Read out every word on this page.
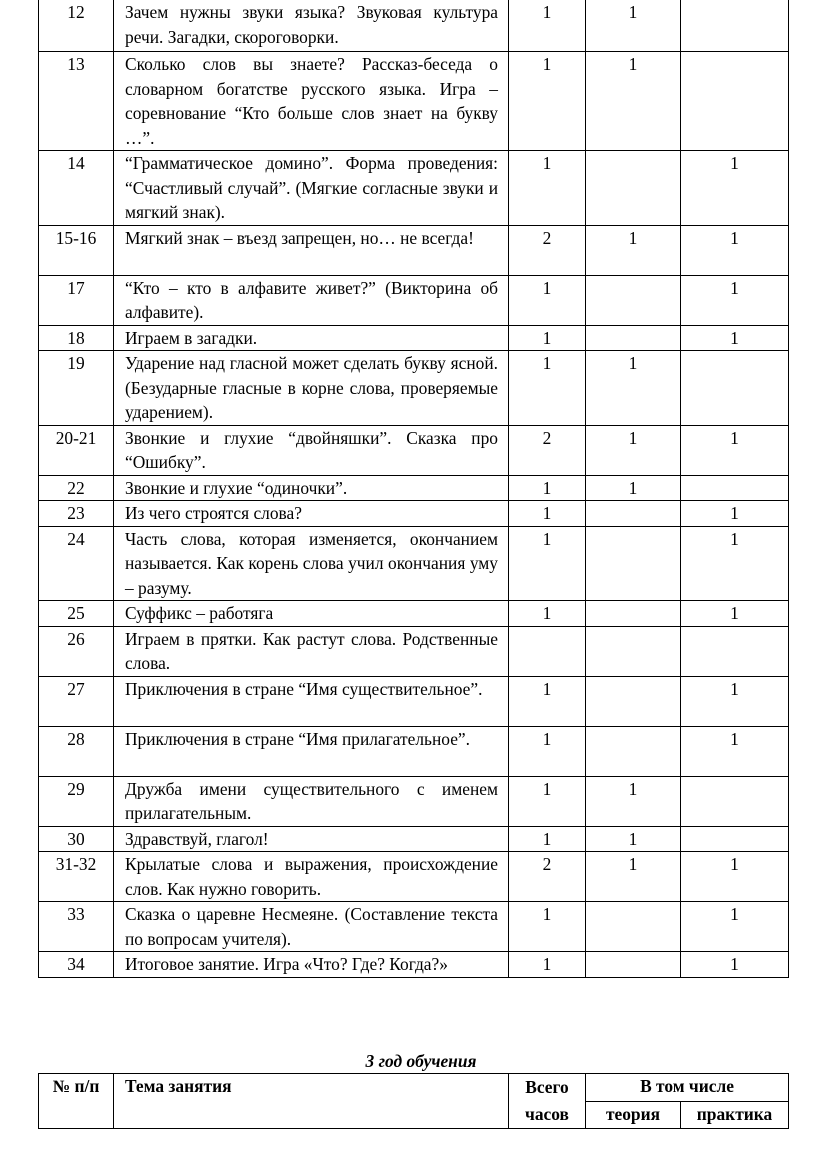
12	Зачем нужны звуки языка? Звуковая культура речи. Загадки, скороговорки.	1	1	
13	Сколько слов вы знаете? Рассказ-беседа о словарном богатстве русского языка. Игра – соревнование “Кто больше слов знает на букву …”.	1	1	
14	“Грамматическое домино”. Форма проведения: “Счастливый случай”. (Мягкие согласные звуки и мягкий знак).	1		1
15-16	Мягкий знак – въезд запрещен, но… не всегда!	2	1	1
17	“Кто – кто в алфавите живет?” (Викторина об алфавите).	1		1
18	Играем в загадки.	1		1
19	Ударение над гласной может сделать букву ясной. (Безударные гласные в корне слова, проверяемые ударением).	1	1	
20-21	Звонкие и глухие “двойняшки”. Сказка про “Ошибку”.	2	1	1
22	Звонкие и глухие “одиночки”.	1	1	
23	Из чего строятся слова?	1		1
24	Часть слова, которая изменяется, окончанием называется. Как корень слова учил окончания уму – разуму.	1		1
25	Суффикс – работяга	1		1
26	Играем в прятки. Как растут слова. Родственные слова.			
27	Приключения в стране “Имя существительное”.	1		1
28	Приключения в стране “Имя прилагательное”.	1		1
29	Дружба имени существительного с именем прилагательным.	1	1	
30	Здравствуй, глагол!	1	1	
31-32	Крылатые слова и выражения, происхождение слов. Как нужно говорить.	2	1	1
33	Сказка о царевне Несмеяне. (Составление текста по вопросам учителя).	1		1
34	Итоговое занятие. Игра «Что? Где? Когда?»	1		1
3 год обучения
№ п/п	Тема занятия	Всего часов	В том числе	
			теория	практика
